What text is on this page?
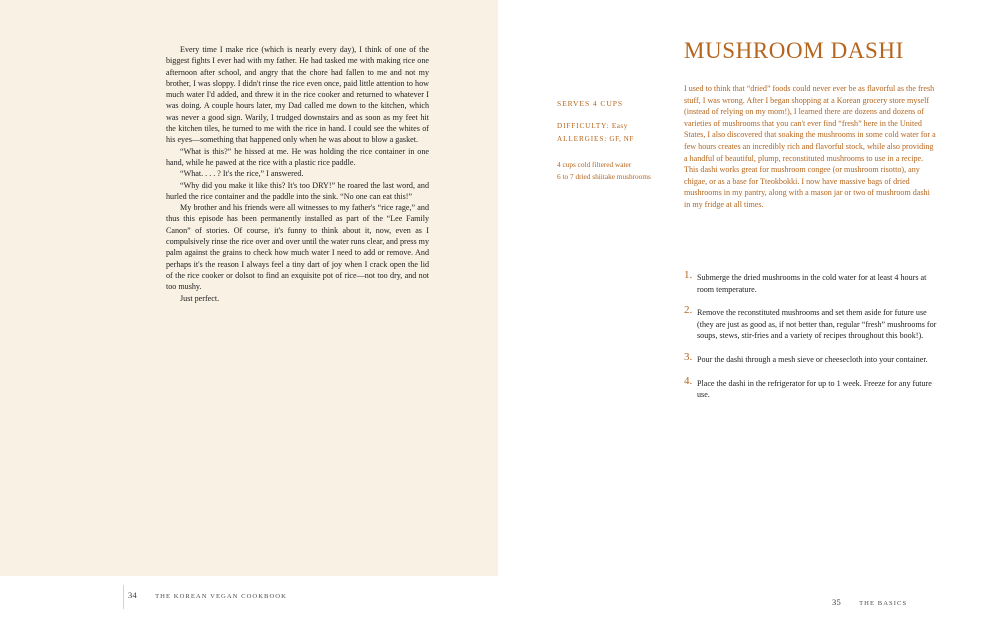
Every time I make rice (which is nearly every day), I think of one of the biggest fights I ever had with my father. He had tasked me with making rice one afternoon after school, and angry that the chore had fallen to me and not my brother, I was sloppy. I didn't rinse the rice even once, paid little attention to how much water I'd added, and threw it in the rice cooker and returned to whatever I was doing. A couple hours later, my Dad called me down to the kitchen, which was never a good sign. Warily, I trudged downstairs and as soon as my feet hit the kitchen tiles, he turned to me with the rice in hand. I could see the whites of his eyes—something that happened only when he was about to blow a gasket.

“What is this?” he hissed at me. He was holding the rice container in one hand, while he pawed at the rice with a plastic rice paddle.

“What. . . . ? It's the rice,” I answered.

“Why did you make it like this? It's too DRY!” he roared the last word, and hurled the rice container and the paddle into the sink. “No one can eat this!”

My brother and his friends were all witnesses to my father's “rice rage,” and thus this episode has been permanently installed as part of the “Lee Family Canon” of stories. Of course, it's funny to think about it, now, even as I compulsively rinse the rice over and over until the water runs clear, and press my palm against the grains to check how much water I need to add or remove. And perhaps it's the reason I always feel a tiny dart of joy when I crack open the lid of the rice cooker or dolsot to find an exquisite pot of rice—not too dry, and not too mushy.

Just perfect.

34	THE KOREAN VEGAN COOKBOOK
MUSHROOM DASHI
SERVES 4 CUPS
DIFFICULTY: Easy
ALLERGIES: GF, NF
4 cups cold filtered water
6 to 7 dried shiitake mushrooms
I used to think that “dried” foods could never ever be as flavorful as the fresh stuff, I was wrong. After I began shopping at a Korean grocery store myself (instead of relying on my mom!), I learned there are dozens and dozens of varieties of mushrooms that you can't ever find “fresh” here in the United States, I also discovered that soaking the mushrooms in some cold water for a few hours creates an incredibly rich and flavorful stock, while also providing a handful of beautiful, plump, reconstituted mushrooms to use in a recipe. This dashi works great for mushroom congee (or mushroom risotto), any chigae, or as a base for Tteokbokki. I now have massive bags of dried mushrooms in my pantry, along with a mason jar or two of mushroom dashi in my fridge at all times.
1. Submerge the dried mushrooms in the cold water for at least 4 hours at room temperature.
2. Remove the reconstituted mushrooms and set them aside for future use (they are just as good as, if not better than, regular “fresh” mushrooms for soups, stews, stir-fries and a variety of recipes throughout this book!).
3. Pour the dashi through a mesh sieve or cheesecloth into your container.
4. Place the dashi in the refrigerator for up to 1 week. Freeze for any future use.
35	THE BASICS
